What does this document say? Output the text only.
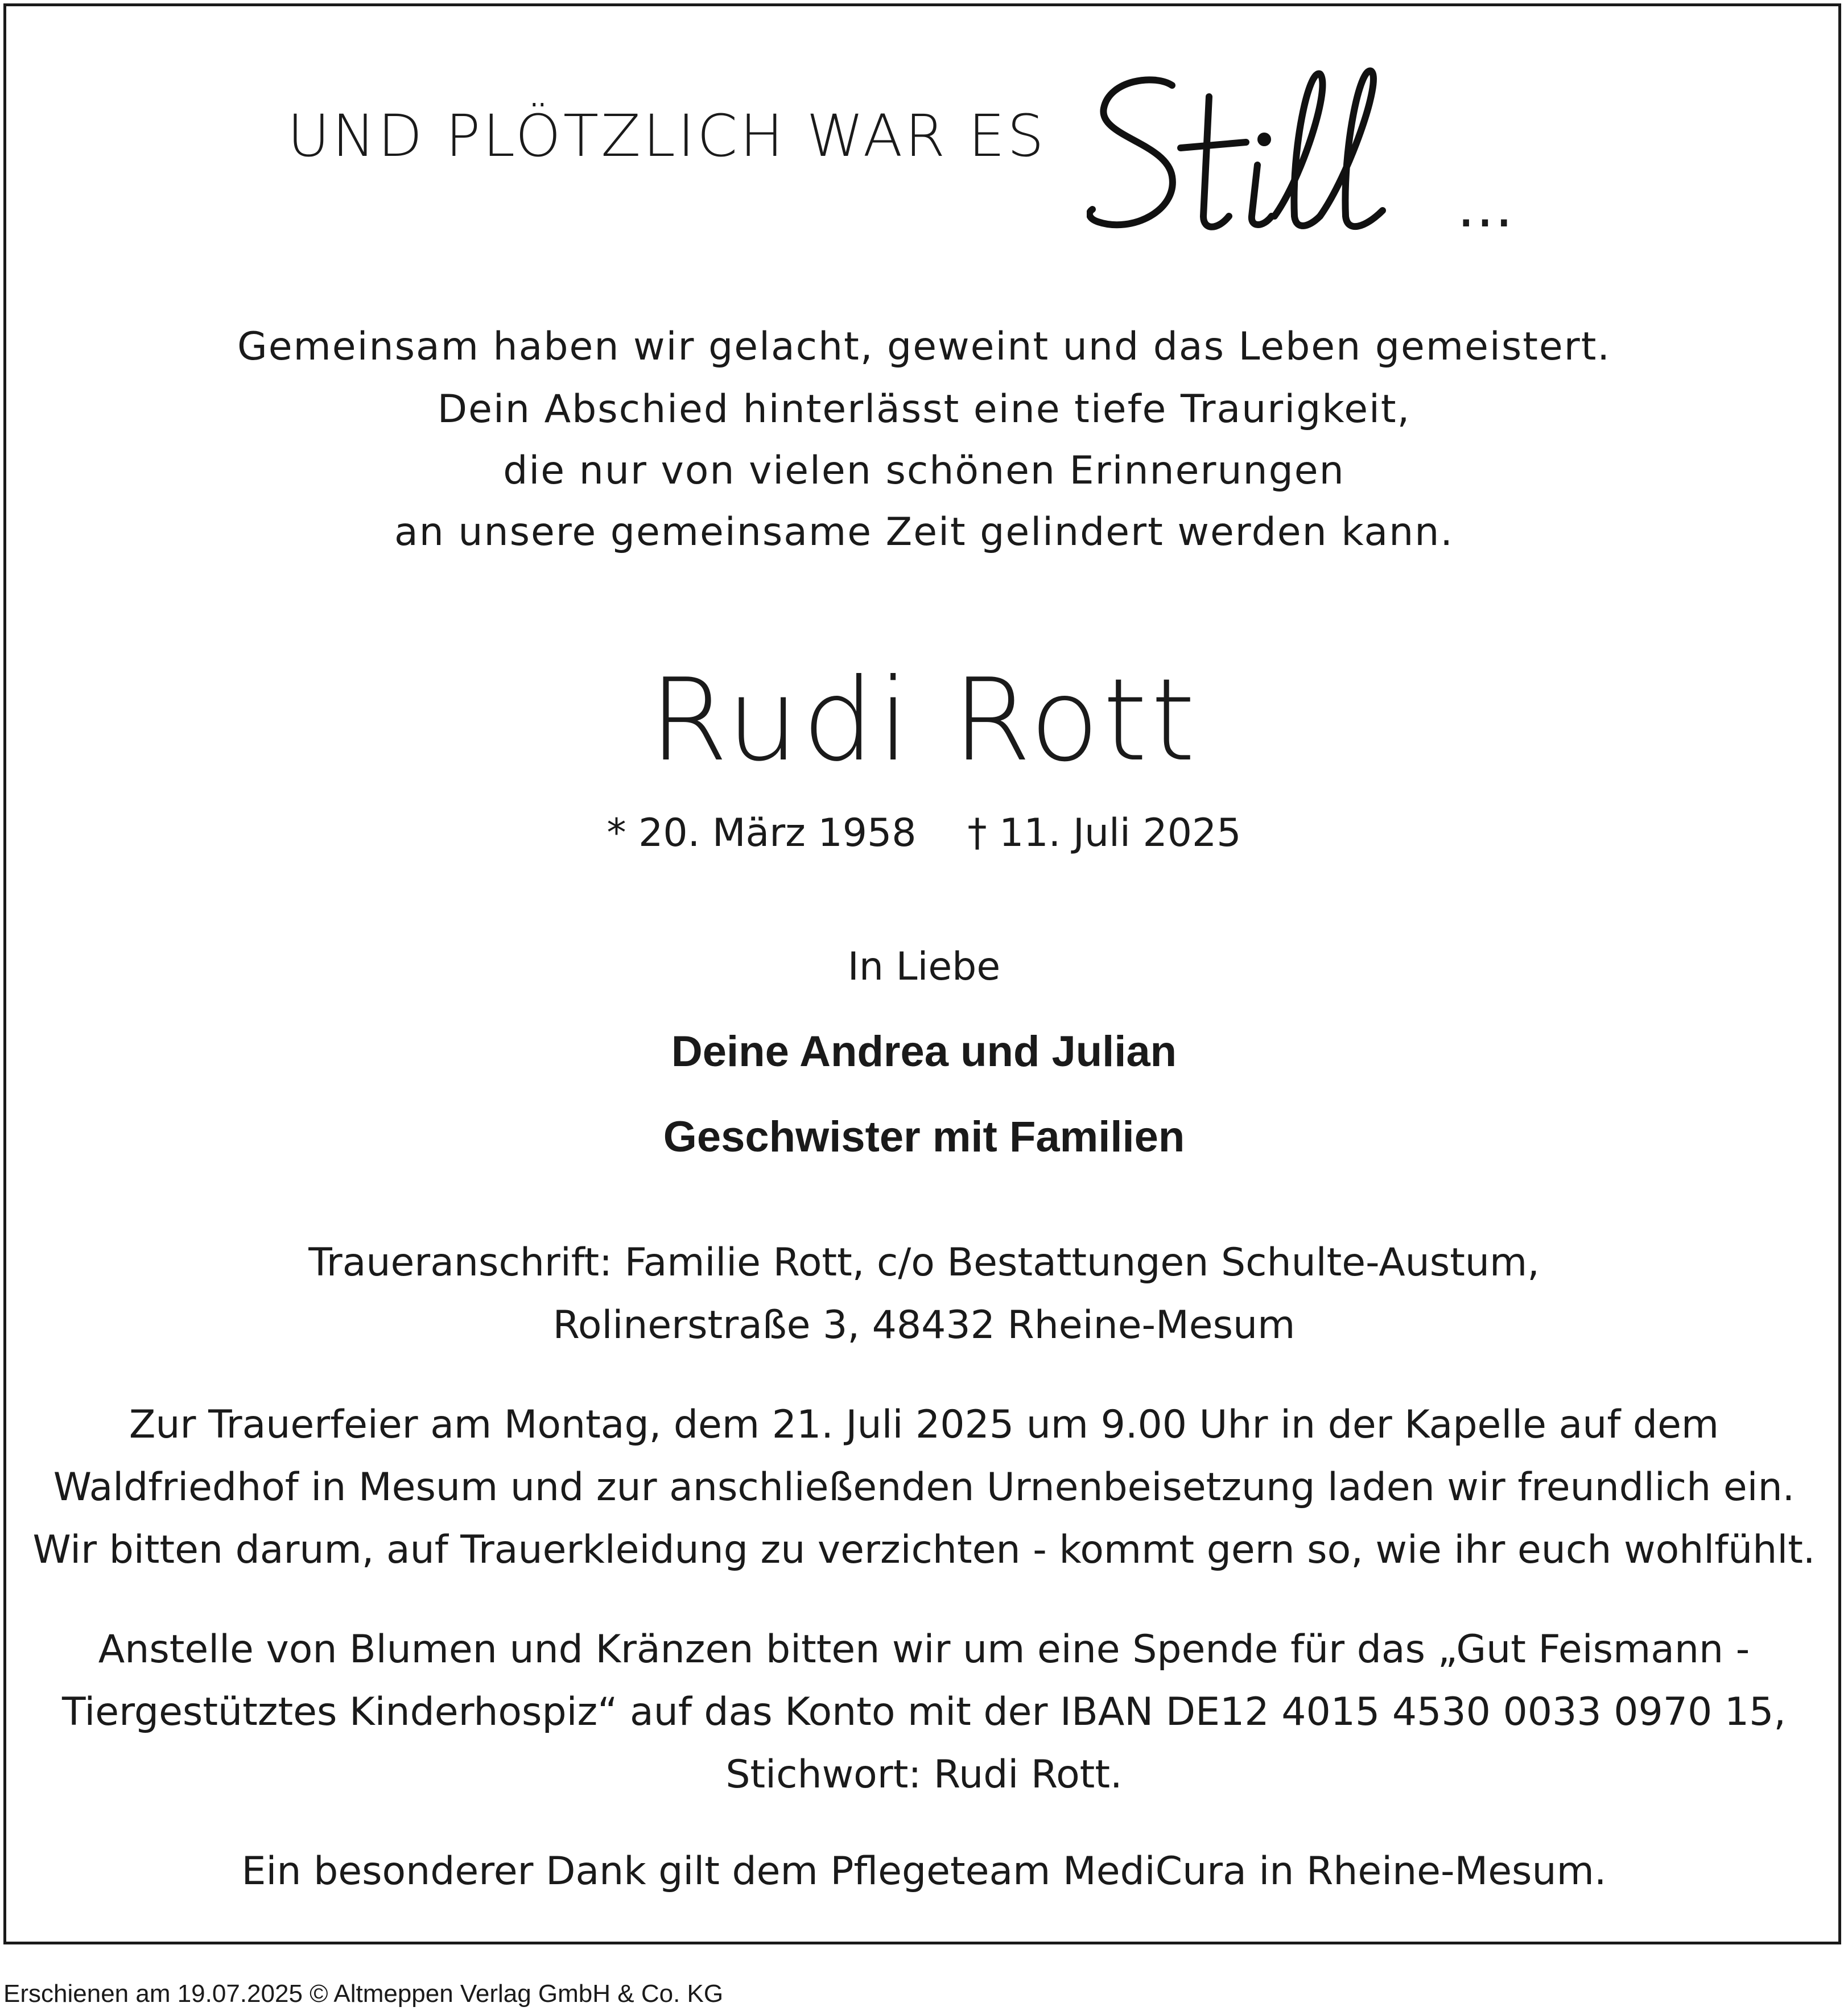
UND PLÖTZLICH WAR ES
…
Gemeinsam haben wir gelacht, geweint und das Leben gemeistert.
Dein Abschied hinterlässt eine tiefe Traurigkeit,
die nur von vielen schönen Erinnerungen
an unsere gemeinsame Zeit gelindert werden kann.
Rudi Rott
* 20. März 1958 † 11. Juli 2025
In Liebe
Deine Andrea und Julian
Geschwister mit Familien
Traueranschrift: Familie Rott, c/o Bestattungen Schulte-Austum,
Rolinerstraße 3, 48432 Rheine-Mesum
Zur Trauerfeier am Montag, dem 21. Juli 2025 um 9.00 Uhr in der Kapelle auf dem
Waldfriedhof in Mesum und zur anschließenden Urnenbeisetzung laden wir freundlich ein.
Wir bitten darum, auf Trauerkleidung zu verzichten - kommt gern so, wie ihr euch wohlfühlt.
Anstelle von Blumen und Kränzen bitten wir um eine Spende für das „Gut Feismann -
Tiergestütztes Kinderhospiz“ auf das Konto mit der IBAN DE12 4015 4530 0033 0970 15,
Stichwort: Rudi Rott.
Ein besonderer Dank gilt dem Pflegeteam MediCura in Rheine-Mesum.
Erschienen am 19.07.2025 © Altmeppen Verlag GmbH & Co. KG
